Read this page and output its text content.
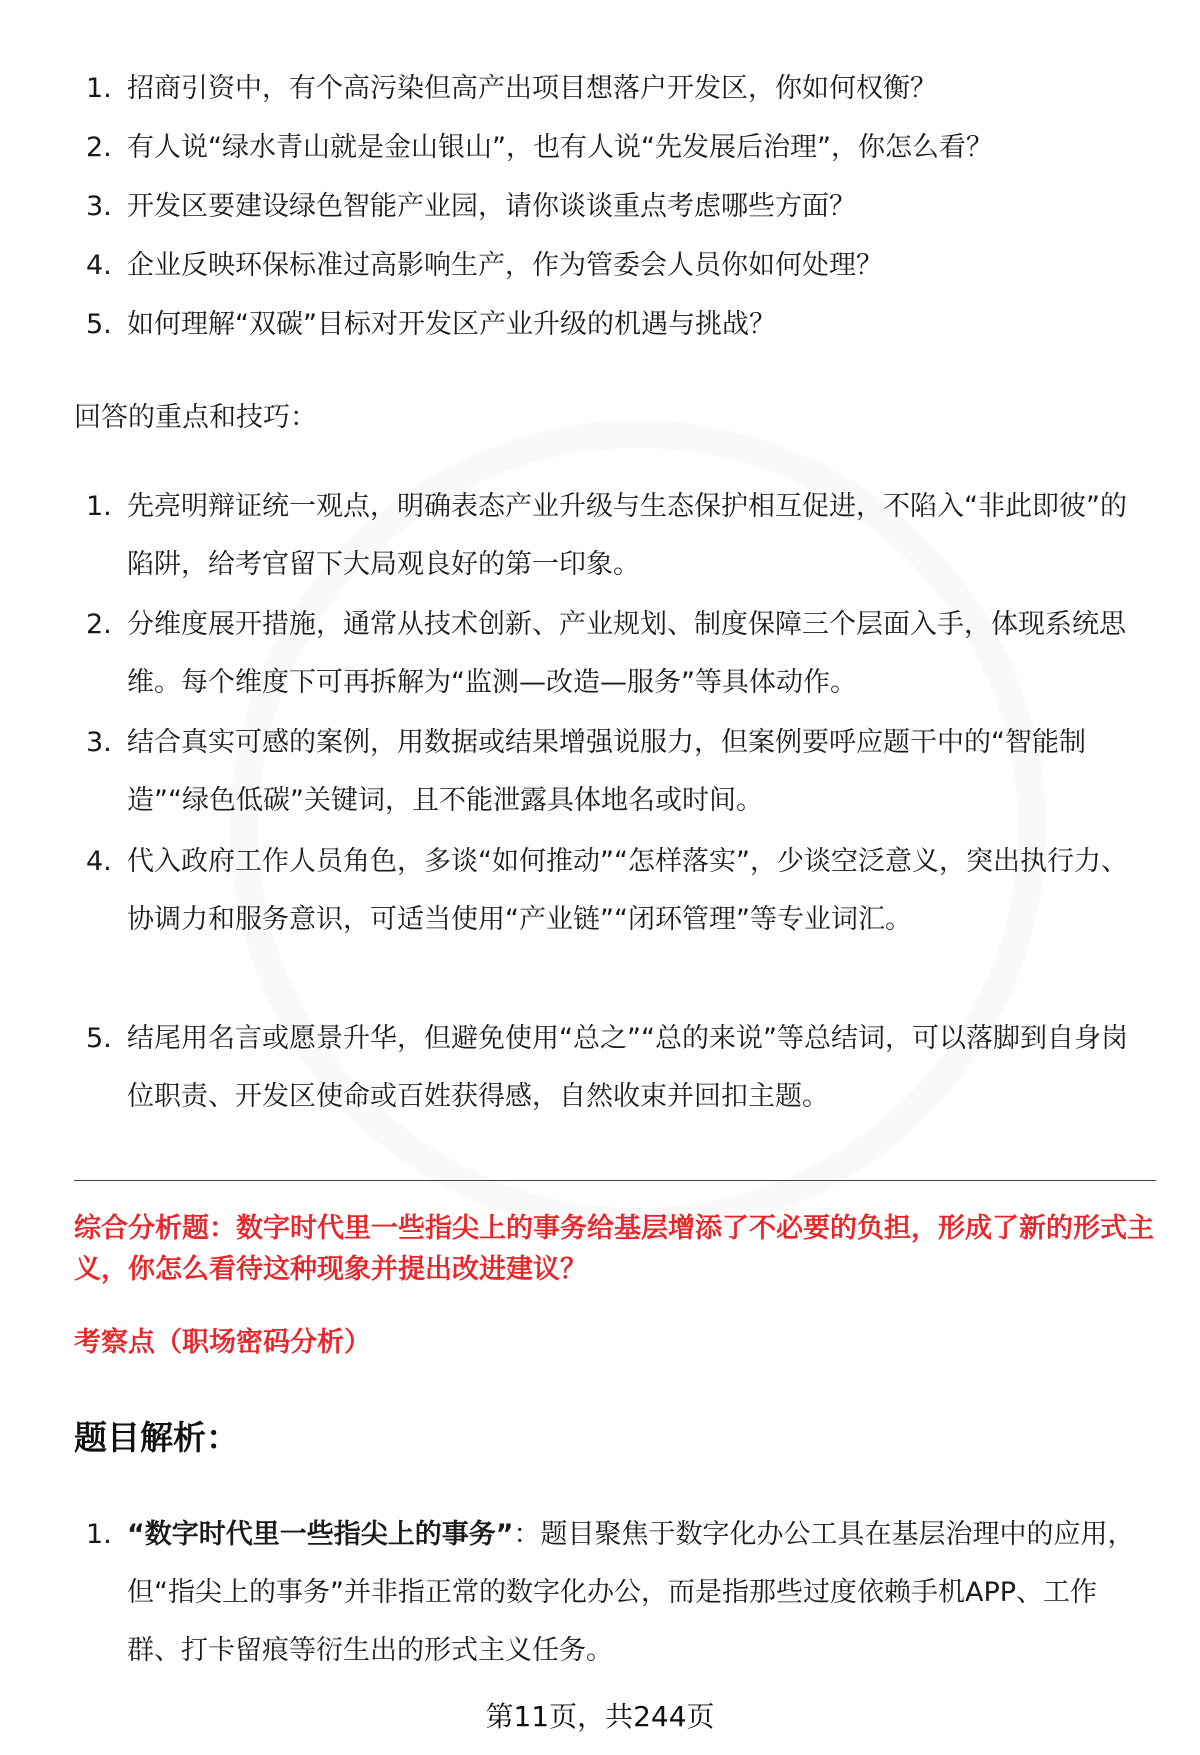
1. 招商引资中，有个高污染但高产出项目想落户开发区，你如何权衡？
2. 有人说“绿水青山就是金山银山”，也有人说“先发展后治理”，你怎么看？
3. 开发区要建设绿色智能产业园，请你谈谈重点考虑哪些方面？
4. 企业反映环保标准过高影响生产，作为管委会人员你如何处理？
5. 如何理解“双碳”目标对开发区产业升级的机遇与挑战？
回答的重点和技巧：
1. 先亮明辩证统一观点，明确表态产业升级与生态保护相互促进，不陷入“非此即彼”的陷阱，给考官留下大局观良好的第一印象。
2. 分维度展开措施，通常从技术创新、产业规划、制度保障三个层面入手，体现系统思维。每个维度下可再拆解为“监测—改造—服务”等具体动作。
3. 结合真实可感的案例，用数据或结果增强说服力，但案例要呼应题干中的“智能制造”“绿色低碳”关键词，且不能泄露具体地名或时间。
4. 代入政府工作人员角色，多谈“如何推动”“怎样落实”，少谈空泛意义，突出执行力、协调力和服务意识，可适当使用“产业链”“闭环管理”等专业词汇。
5. 结尾用名言或愿景升华，但避免使用“总之”“总的来说”等总结词，可以落脚到自身岗位职责、开发区使命或百姓获得感，自然收束并回扣主题。
综合分析题：数字时代里一些指尖上的事务给基层增添了不必要的负担，形成了新的形式主义，你怎么看待这种现象并提出改进建议？
考察点（职场密码分析）
题目解析：
1. “数字时代里一些指尖上的事务”：题目聚焦于数字化办公工具在基层治理中的应用，但“指尖上的事务”并非指正常的数字化办公，而是指那些过度依赖手机APP、工作群、打卡留痕等衍生出的形式主义任务。
第11页，共244页
